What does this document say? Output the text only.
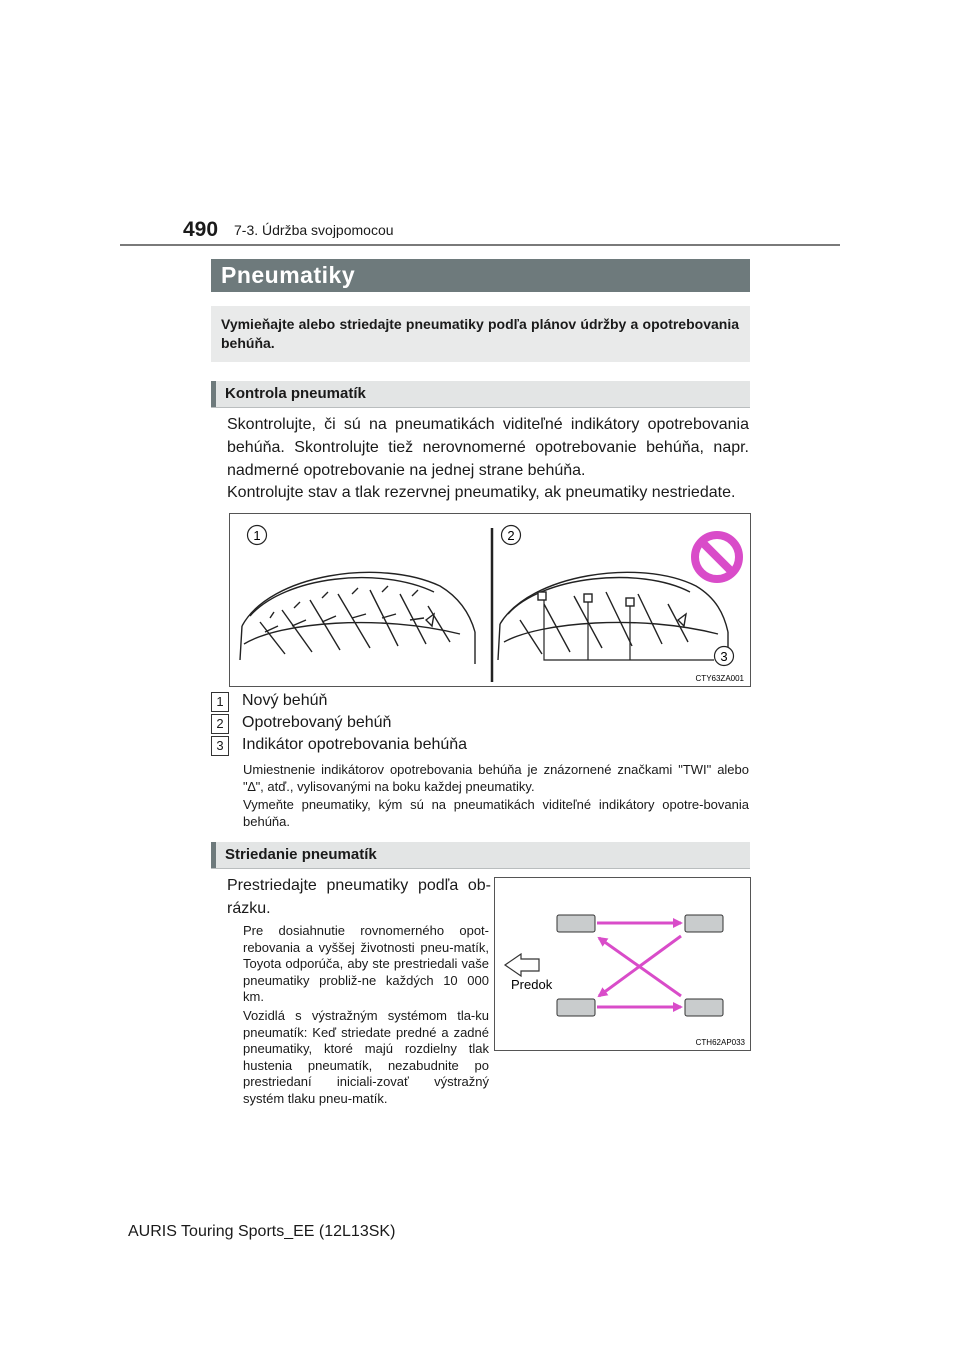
490 7-3. Údržba svojpomocou
Pneumatiky
Vymieňajte alebo striedajte pneumatiky podľa plánov údržby a opotrebovania behúňa.
Kontrola pneumatík
Skontrolujte, či sú na pneumatikách viditeľné indikátory opotrebovania behúňa. Skontrolujte tiež nerovnomerné opotrebovanie behúňa, napr. nadmerné opotrebovanie na jednej strane behúňa.
Kontrolujte stav a tlak rezervnej pneumatiky, ak pneumatiky nestriedate.
1	2
3
CTY63ZA001
1	Nový behúň
2	Opotrebovaný behúň
3	Indikátor opotrebovania behúňa
Umiestnenie indikátorov opotrebovania behúňa je znázornené značkami "TWI" alebo "∆", atď., vylisovanými na boku každej pneumatiky.
Vymeňte pneumatiky, kým sú na pneumatikách viditeľné indikátory opotre-bovania behúňa.
Striedanie pneumatík
Prestriedajte pneumatiky podľa ob-rázku.
Pre dosiahnutie rovnomerného opot-rebovania a vyššej životnosti pneu-matík, Toyota odporúča, aby ste prestriedali vaše pneumatiky probliž-ne každých 10 000 km.
Vozidlá s výstražným systémom tla-ku pneumatík: Keď striedate predné a zadné pneumatiky, ktoré majú rozdielny tlak hustenia pneumatík, nezabudnite po prestriedaní iniciali-zovať výstražný systém tlaku pneu-matík.
Predok
CTH62AP033
AURIS Touring Sports_EE (12L13SK)
